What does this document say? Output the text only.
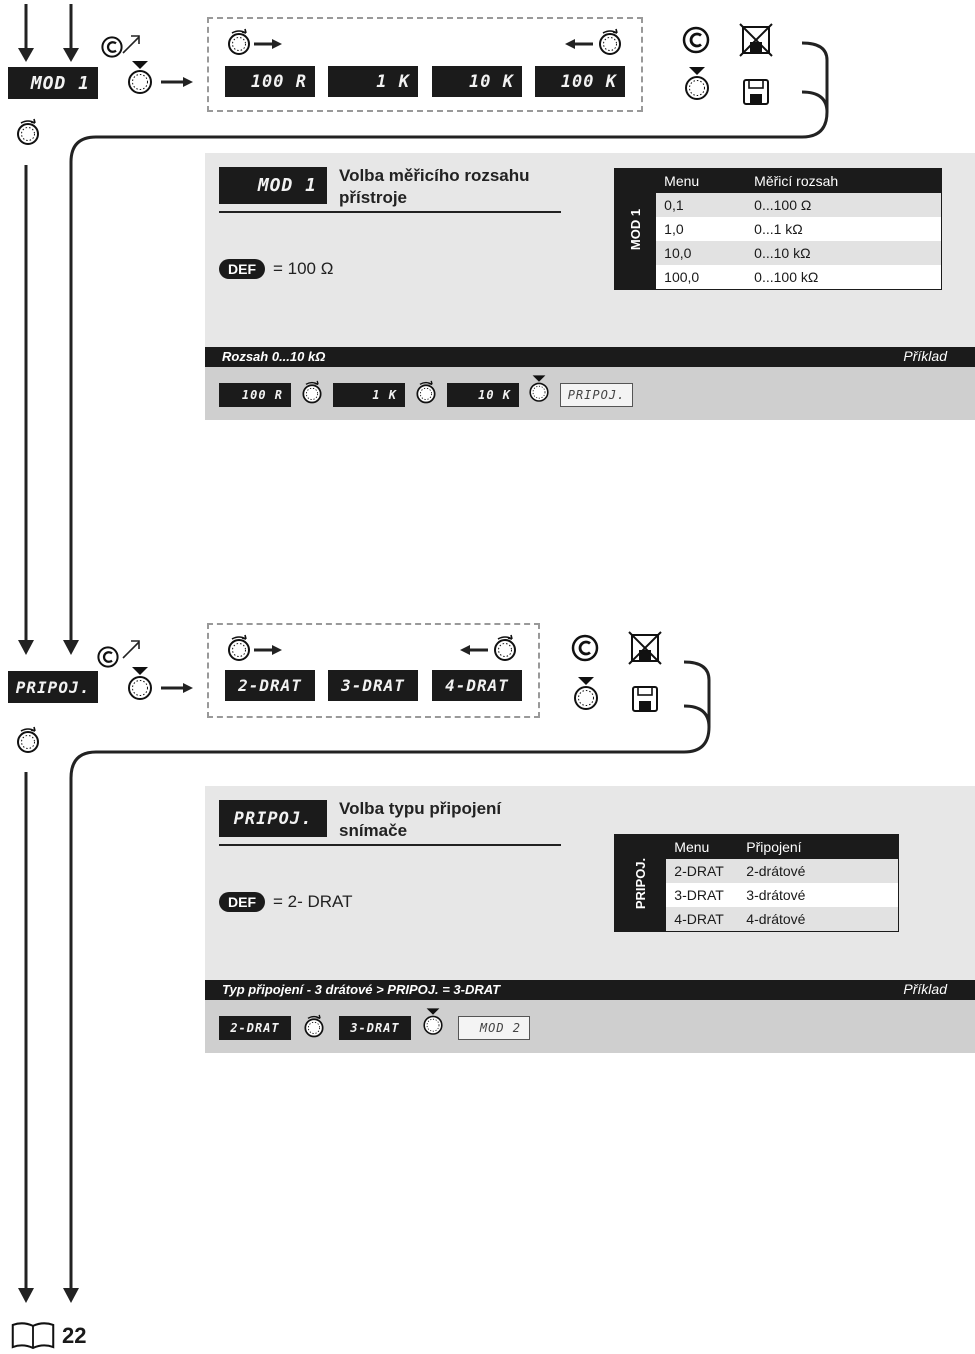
MOD 1	100 R	1 K	10 K	100 K
MOD 1	Volba měřicího rozsahu
přístroje
DEF	= 100 Ω
MOD 1	Menu	Měřicí rozsah
	0,1	0...100 Ω
	1,0	0...1 kΩ
	10,0	0...10 kΩ
	100,0	0...100 kΩ
Rozsah 0...10 kΩ	Příklad
100 R	1 K	10 K	PRIPOJ.
PRIPOJ.	2-DRAT	3-DRAT	4-DRAT
PRIPOJ.	Volba typu připojení
snímače
DEF	= 2- DRAT	PRIPOJ.	Menu	Připojení
	2-DRAT	2-drátové
	3-DRAT	3-drátové
	4-DRAT	4-drátové
Typ připojení - 3 drátové > PRIPOJ. = 3-DRAT	Příklad
2-DRAT	3-DRAT	MOD 2
22
